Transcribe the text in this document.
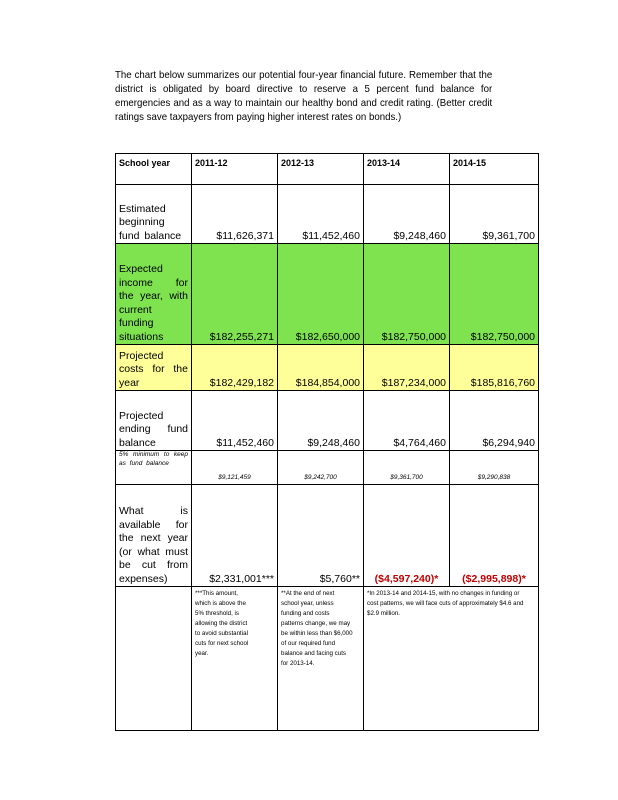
The chart below summarizes our potential four-year financial future. Remember that the district is obligated by board directive to reserve a 5 percent fund balance for emergencies and as a way to maintain our healthy bond and credit rating. (Better credit ratings save taxpayers from paying higher interest rates on bonds.)
School year	2011-12	2012-13	2013-14	2014-15
Estimated beginning fund balance	$11,626,371	$11,452,460	$9,248,460	$9,361,700
Expected income for the year, with current funding situations	$182,255,271	$182,650,000	$182,750,000	$182,750,000
Projected costs for the year	$182,429,182	$184,854,000	$187,234,000	$185,816,760
Projected ending fund balance	$11,452,460	$9,248,460	$4,764,460	$6,294,940
5% minimum to keep as fund balance	$9,121,459	$9,242,700	$9,361,700	$9,290,838
What is available for the next year (or what must be cut from expenses)	$2,331,001***	$5,760**	($4,597,240)*	($2,995,898)*

	***This amount, which is above the 5% threshold, is allowing the district to avoid substantial cuts for next school year.	**At the end of next school year, unless funding and costs patterns change, we may be within less than $6,000 of our required fund balance and facing cuts for 2013-14.	*In 2013-14 and 2014-15, with no changes in funding or cost patterns, we will face cuts of approximately $4.6 and $2.9 million.	
